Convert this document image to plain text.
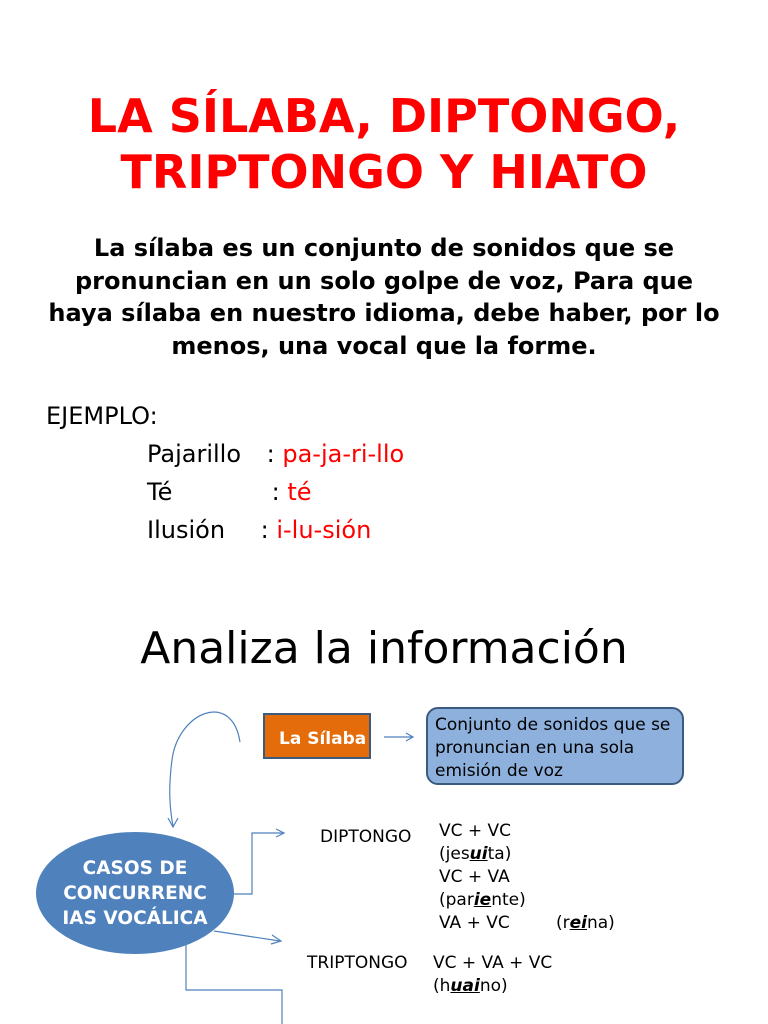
LA SÍLABA, DIPTONGO,
TRIPTONGO Y HIATO
La sílaba es un conjunto de sonidos que se pronuncian en un solo golpe de voz, Para que haya sílaba en nuestro idioma, debe haber, por lo menos, una vocal que la forme.
EJEMPLO:
Pajarillo : pa-ja-ri-llo
Té	: té
Ilusión : i-lu-sión
Analiza la información
La Sílaba
Conjunto de sonidos que se
pronuncian en una sola
emisión de voz
CASOS DE
CONCURRENC
IAS VOCÁLICA
DIPTONGO VC + VC
(jesuita)
VC + VA
(pariente)
VA + VC	(reina)
TRIPTONGO VC + VA + VC
(huaino)
